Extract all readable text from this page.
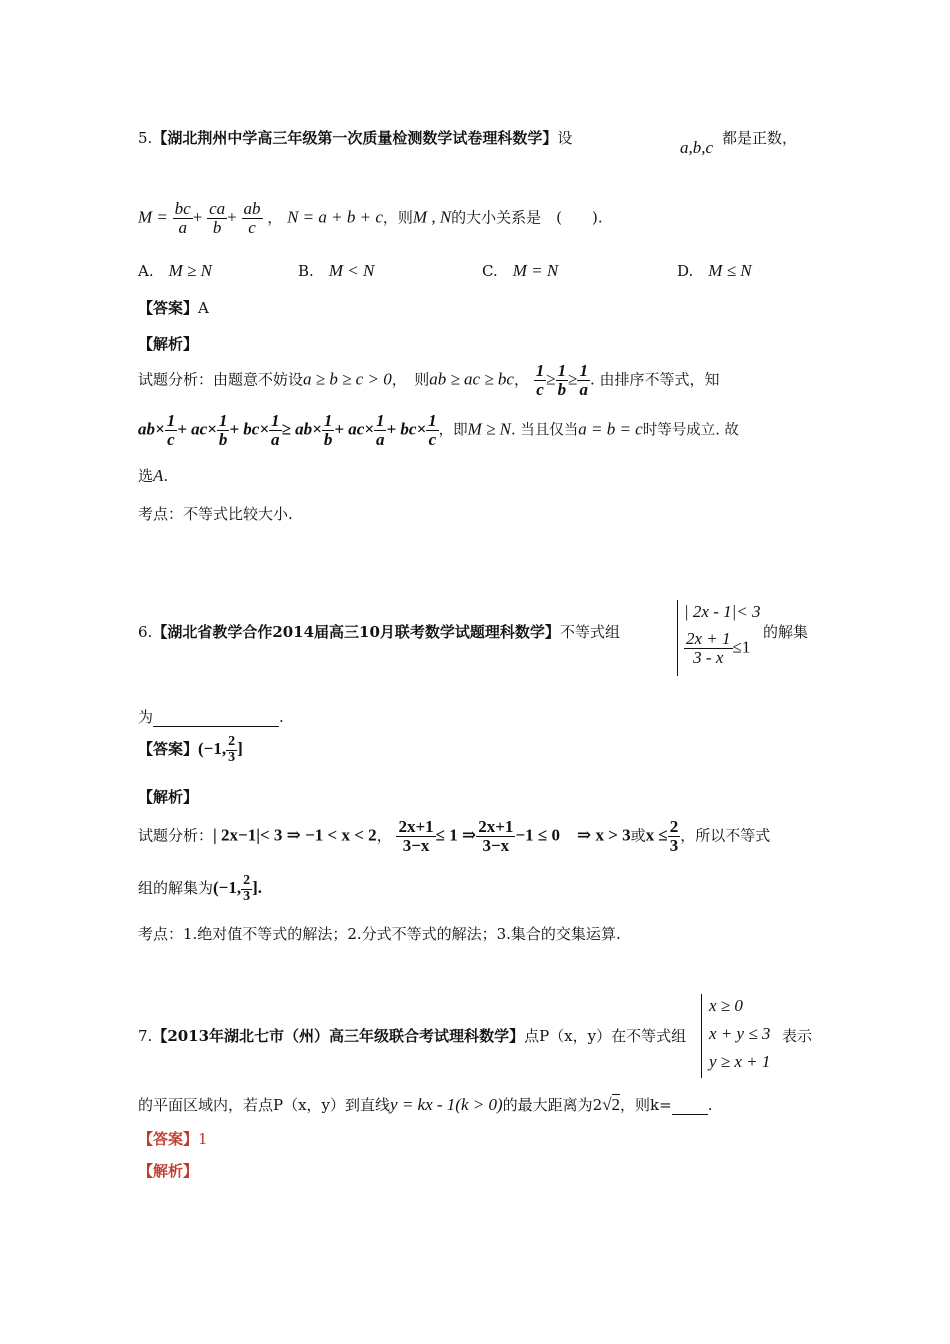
5.【湖北荆州中学高三年级第一次质量检测数学试卷理科数学】设	a,b,c 都是正数，
$M = \frac{bc}{a} + \frac{ca}{b} + \frac{ab}{c}$ ， N = a + b + c，则M , N的大小关系是　(　　).
A.　 M ≥ N	B.　 M < N	C.　 M = N	D.　 M ≤ N
【答案】A
【解析】
试题分析：由题意不妨设a ≥ b ≥ c > 0，　则ab ≥ ac ≥ bc， $\frac{1}{c} \ge \frac{1}{b} \ge \frac{1}{a}$ . 由排序不等式，知
$ab\times \frac{1}{c} + ac\times \frac{1}{b} + bc\times \frac{1}{a} \ge ab\times \frac{1}{b} + ac\times \frac{1}{a} + bc\times \frac{1}{c}$ ，即M ≥ N. 当且仅当a = b = c时等号成立. 故
选A.
考点：不等式比较大小.
6.【湖北省教学合作2014届高三10月联考数学试题理科数学】不等式组
| 2x - 1|< 3
$\frac{2x + 1}{3 - x} \le 1$
的解集
为	.
【答案】(−1, $\frac{2}{3}$ ]
【解析】
试题分析：| 2x−1|< 3 ⇒ −1 < x < 2， $\frac{2x+1}{3-x} \le 1$ ⇒ $\frac{2x+1}{3-x} -1 \le 0$　⇒ x > 3或$x \le \frac{2}{3}$ ，所以不等式
组的解集为(−1, $\frac{2}{3}$ ].
考点：1.绝对值不等式的解法；2.分式不等式的解法；3.集合的交集运算.
x ≥ 0
x + y ≤ 3
y ≥ x + 1
7.【2013年湖北七市（州）高三年级联合考试理科数学】点P（x，y）在不等式组	表示
的平面区域内，若点P（x，y）到直线y = kx - 1(k > 0)的最大距离为2√2，则k= .
【答案】1
【解析】
